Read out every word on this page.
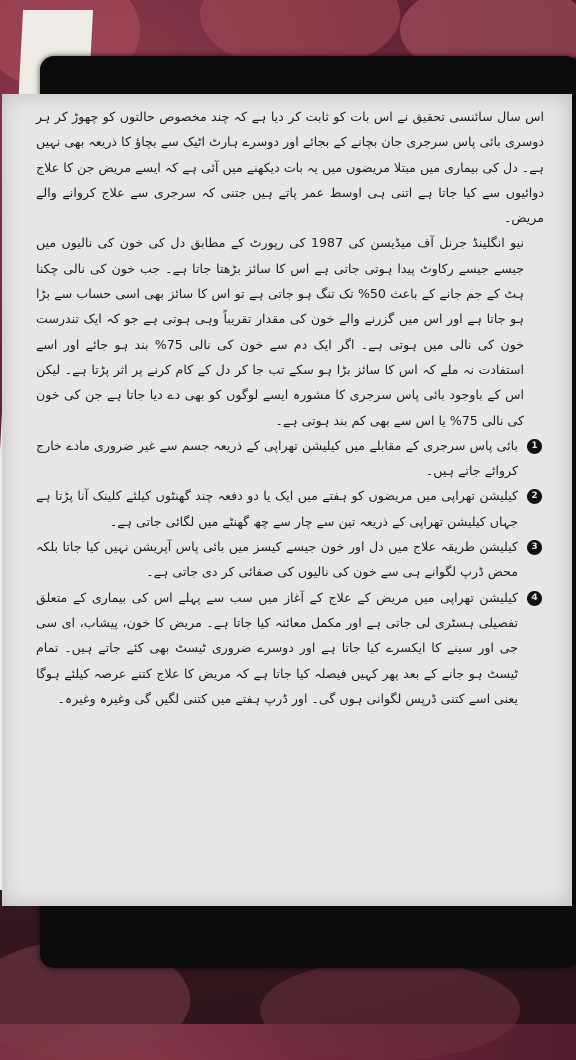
اس سال سائنسی تحقیق نے اس بات کو ثابت کر دیا ہے کہ چند مخصوص حالتوں کو چھوڑ کر ہر دوسری بائی پاس سرجری جان بچانے کے بجائے اور دوسرے ہارٹ اٹیک سے بچاؤ کا ذریعہ بھی نہیں ہے۔ دل کی بیماری میں مبتلا مریضوں میں یہ بات دیکھنے میں آئی ہے کہ ایسے مریض جن کا علاج دوائیوں سے کیا جاتا ہے اتنی ہی اوسط عمر پاتے ہیں جتنی کہ سرجری سے علاج کروانے والے مریض۔

نیو انگلینڈ جرنل آف میڈیسن کی 1987 کی رپورٹ کے مطابق دل کی خون کی نالیوں میں جیسے جیسے رکاوٹ پیدا ہوتی جاتی ہے اس کا سائز بڑھتا جاتا ہے۔ جب خون کی نالی چکنا ہٹ کے جم جانے کے باعث 50% تک تنگ ہو جاتی ہے تو اس کا سائز بھی اسی حساب سے بڑا ہو جاتا ہے اور اس میں گزرنے والے خون کی مقدار تقریباً وہی ہوتی ہے جو کہ ایک تندرست خون کی نالی میں ہوتی ہے۔ اگر ایک دم سے خون کی نالی 75% بند ہو جائے اور اسے استفادت نہ ملے کہ اس کا سائز بڑا ہو سکے تب جا کر دل کے کام کرنے پر اثر پڑتا ہے۔ لیکن اس کے باوجود بائی پاس سرجری کا مشورہ ایسے لوگوں کو بھی دے دیا جاتا ہے جن کی خون کی نالی 75% یا اس سے بھی کم بند ہوتی ہے۔

1
بائی پاس سرجری کے مقابلے میں کیلیشن تھراپی کے ذریعہ جسم سے غیر ضروری مادے خارج کروائے جاتے ہیں۔

2
کیلیشن تھراپی میں مریضوں کو ہفتے میں ایک یا دو دفعہ چند گھنٹوں کیلئے کلینک آنا پڑتا ہے جہاں کیلیشن تھراپی کے ذریعہ تین سے چار سے چھ گھنٹے میں لگائی جاتی ہے۔

3
کیلیشن طریقہ علاج میں دل اور خون جیسے کیسز میں بائی پاس آپریشن نہیں کیا جاتا بلکہ محض ڈرپ لگوانے ہی سے خون کی نالیوں کی صفائی کر دی جاتی ہے۔

4
کیلیشن تھراپی میں مریض کے علاج کے آغاز میں سب سے پہلے اس کی بیماری کے متعلق تفصیلی ہسٹری لی جاتی ہے اور مکمل معائنہ کیا جاتا ہے۔ مریض کا خون، پیشاب، ای سی جی اور سینے کا ایکسرے کیا جاتا ہے اور دوسرے ضروری ٹیسٹ بھی کئے جاتے ہیں۔ تمام ٹیسٹ ہو جانے کے بعد پھر کہیں فیصلہ کیا جاتا ہے کہ مریض کا علاج کتنے عرصہ کیلئے ہوگا یعنی اسے کتنی ڈرپس لگوانی ہوں گی۔ اور ڈرپ ہفتے میں کتنی لگیں گی وغیرہ وغیرہ۔
